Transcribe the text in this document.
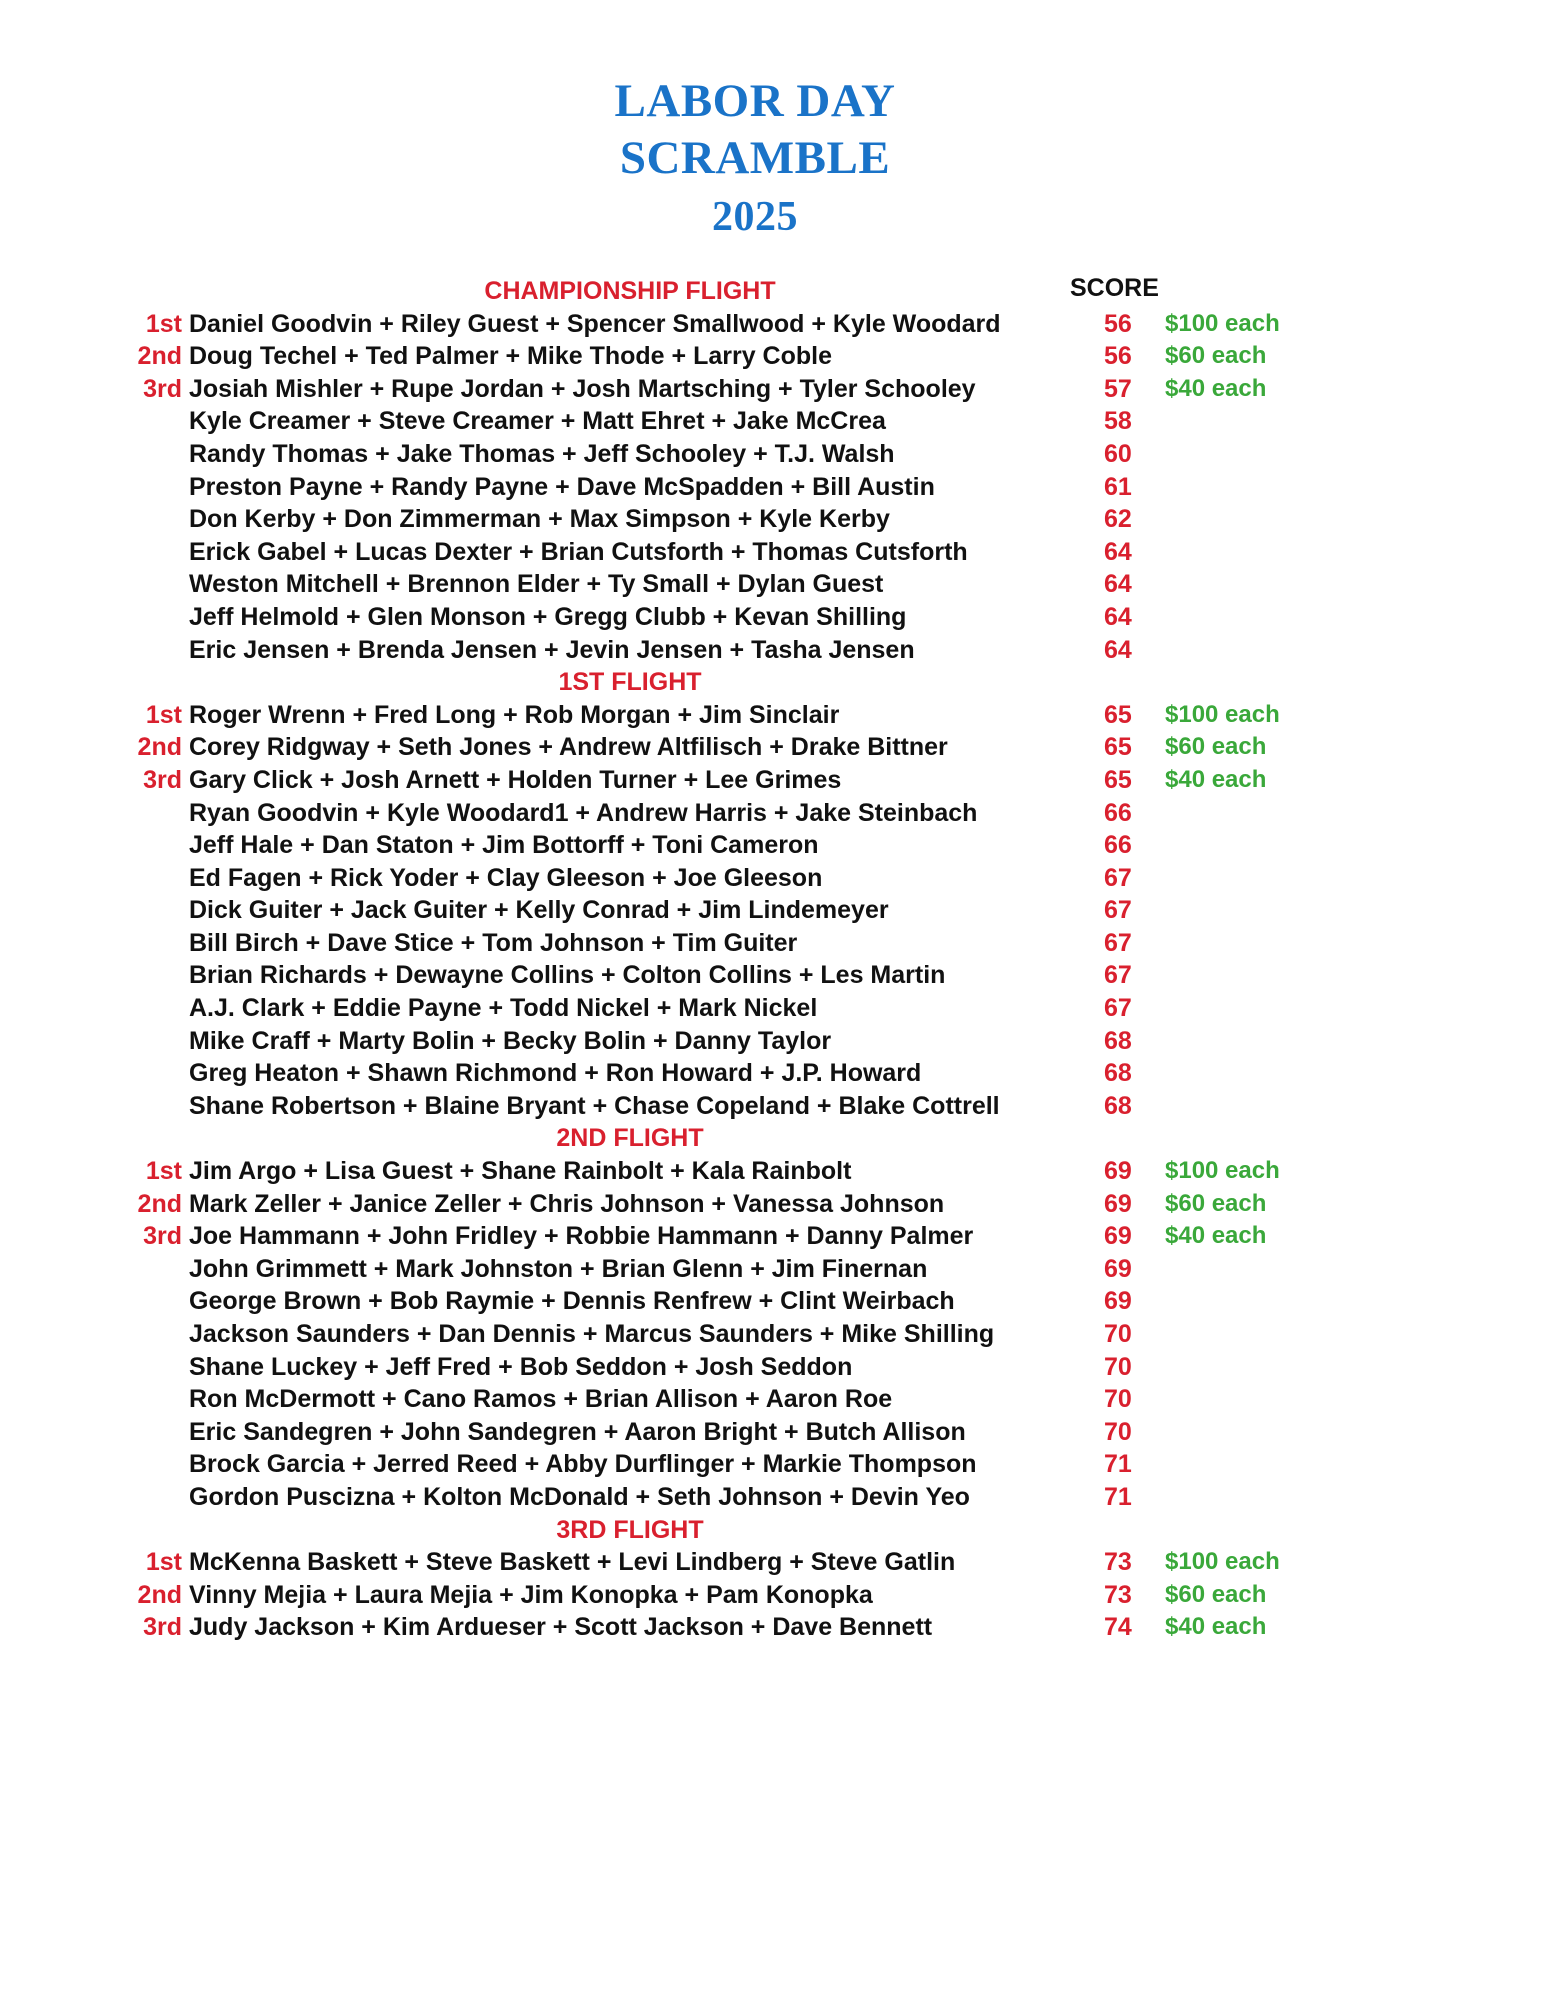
LABOR DAY
SCRAMBLE
2025
SCORE
CHAMPIONSHIP FLIGHT
1st Daniel Goodvin + Riley Guest + Spencer Smallwood + Kyle Woodard	56 $100 each
2nd Doug Techel + Ted Palmer + Mike Thode + Larry Coble	56 $60 each
3rd Josiah Mishler + Rupe Jordan + Josh Martsching + Tyler Schooley	57 $40 each
Kyle Creamer + Steve Creamer + Matt Ehret + Jake McCrea	58
Randy Thomas + Jake Thomas + Jeff Schooley + T.J. Walsh	60
Preston Payne + Randy Payne + Dave McSpadden + Bill Austin	61
Don Kerby + Don Zimmerman + Max Simpson + Kyle Kerby	62
Erick Gabel + Lucas Dexter + Brian Cutsforth + Thomas Cutsforth	64
Weston Mitchell + Brennon Elder + Ty Small + Dylan Guest	64
Jeff Helmold + Glen Monson + Gregg Clubb + Kevan Shilling	64
Eric Jensen + Brenda Jensen + Jevin Jensen + Tasha Jensen	64
1ST FLIGHT
1st Roger Wrenn + Fred Long + Rob Morgan + Jim Sinclair	65 $100 each
2nd Corey Ridgway + Seth Jones + Andrew Altfilisch + Drake Bittner	65 $60 each
3rd Gary Click + Josh Arnett + Holden Turner + Lee Grimes	65 $40 each
Ryan Goodvin + Kyle Woodard1 + Andrew Harris + Jake Steinbach	66
Jeff Hale + Dan Staton + Jim Bottorff + Toni Cameron	66
Ed Fagen + Rick Yoder + Clay Gleeson + Joe Gleeson	67
Dick Guiter + Jack Guiter + Kelly Conrad + Jim Lindemeyer	67
Bill Birch + Dave Stice + Tom Johnson + Tim Guiter	67
Brian Richards + Dewayne Collins + Colton Collins + Les Martin	67
A.J. Clark + Eddie Payne + Todd Nickel + Mark Nickel	67
Mike Craff + Marty Bolin + Becky Bolin + Danny Taylor	68
Greg Heaton + Shawn Richmond + Ron Howard + J.P. Howard	68
Shane Robertson + Blaine Bryant + Chase Copeland + Blake Cottrell	68
2ND FLIGHT
1st Jim Argo + Lisa Guest + Shane Rainbolt + Kala Rainbolt	69 $100 each
2nd Mark Zeller + Janice Zeller + Chris Johnson + Vanessa Johnson	69 $60 each
3rd Joe Hammann + John Fridley + Robbie Hammann + Danny Palmer	69 $40 each
John Grimmett + Mark Johnston + Brian Glenn + Jim Finernan	69
George Brown + Bob Raymie + Dennis Renfrew + Clint Weirbach	69
Jackson Saunders + Dan Dennis + Marcus Saunders + Mike Shilling	70
Shane Luckey + Jeff Fred + Bob Seddon + Josh Seddon	70
Ron McDermott + Cano Ramos + Brian Allison + Aaron Roe	70
Eric Sandegren + John Sandegren + Aaron Bright + Butch Allison	70
Brock Garcia + Jerred Reed + Abby Durflinger + Markie Thompson	71
Gordon Puscizna + Kolton McDonald + Seth Johnson + Devin Yeo	71
3RD FLIGHT
1st McKenna Baskett + Steve Baskett + Levi Lindberg + Steve Gatlin	73 $100 each
2nd Vinny Mejia + Laura Mejia + Jim Konopka + Pam Konopka	73 $60 each
3rd Judy Jackson + Kim Ardueser + Scott Jackson + Dave Bennett	74 $40 each
